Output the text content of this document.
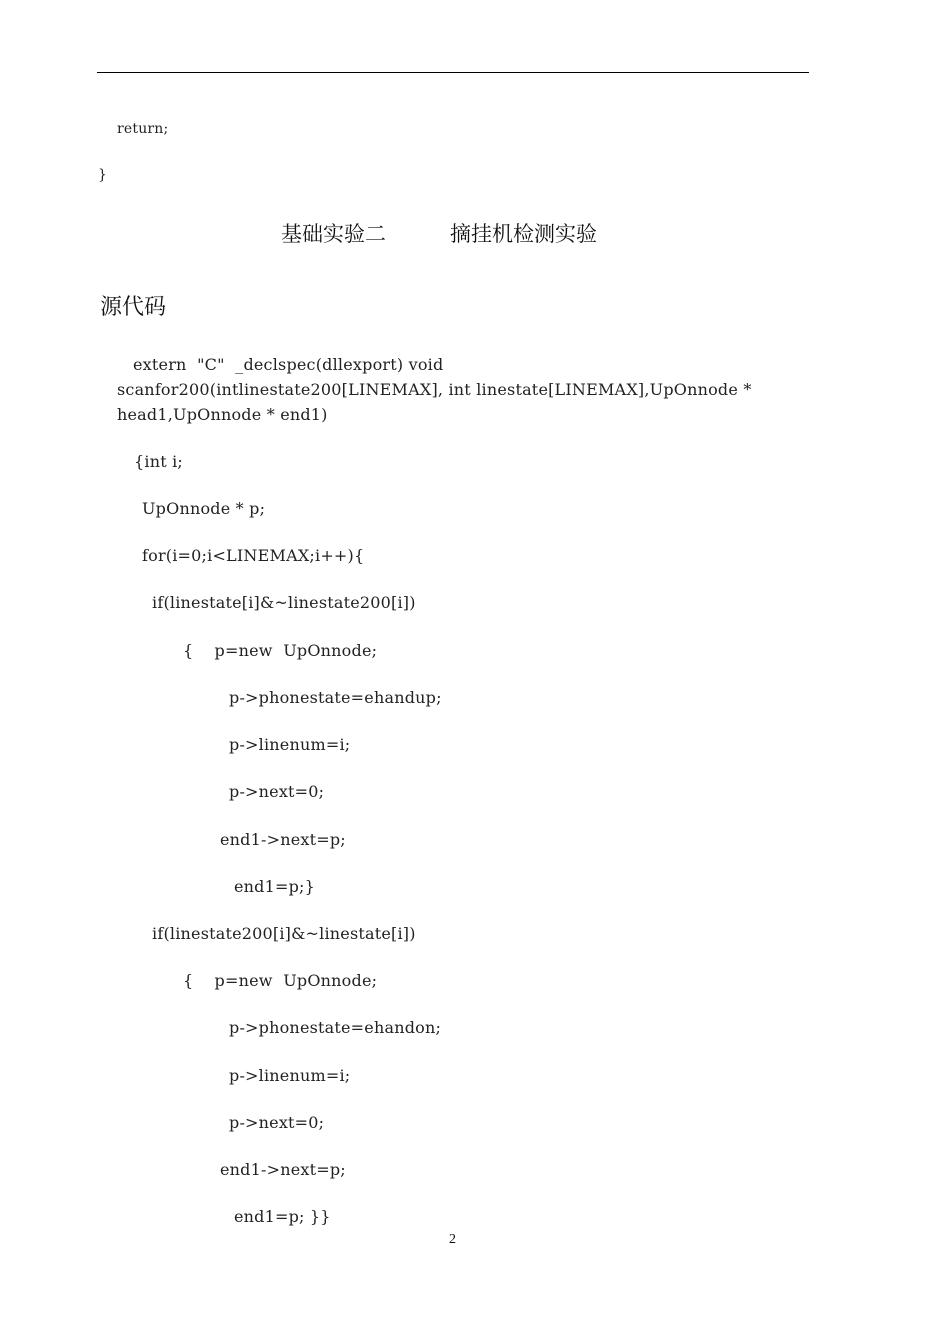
return;
}
基础实验二	摘挂机检测实验
源代码
extern  "C"  _declspec(dllexport) void
scanfor200(intlinestate200[LINEMAX], int linestate[LINEMAX],UpOnnode *
head1,UpOnnode * end1)
{int i;
UpOnnode * p;
for(i=0;i<LINEMAX;i++){
if(linestate[i]&~linestate200[i])
{    p=new  UpOnnode;
p->phonestate=ehandup;
p->linenum=i;
p->next=0;
end1->next=p;
end1=p;}
if(linestate200[i]&~linestate[i])
{    p=new  UpOnnode;
p->phonestate=ehandon;
p->linenum=i;
p->next=0;
end1->next=p;
end1=p; }}
2
